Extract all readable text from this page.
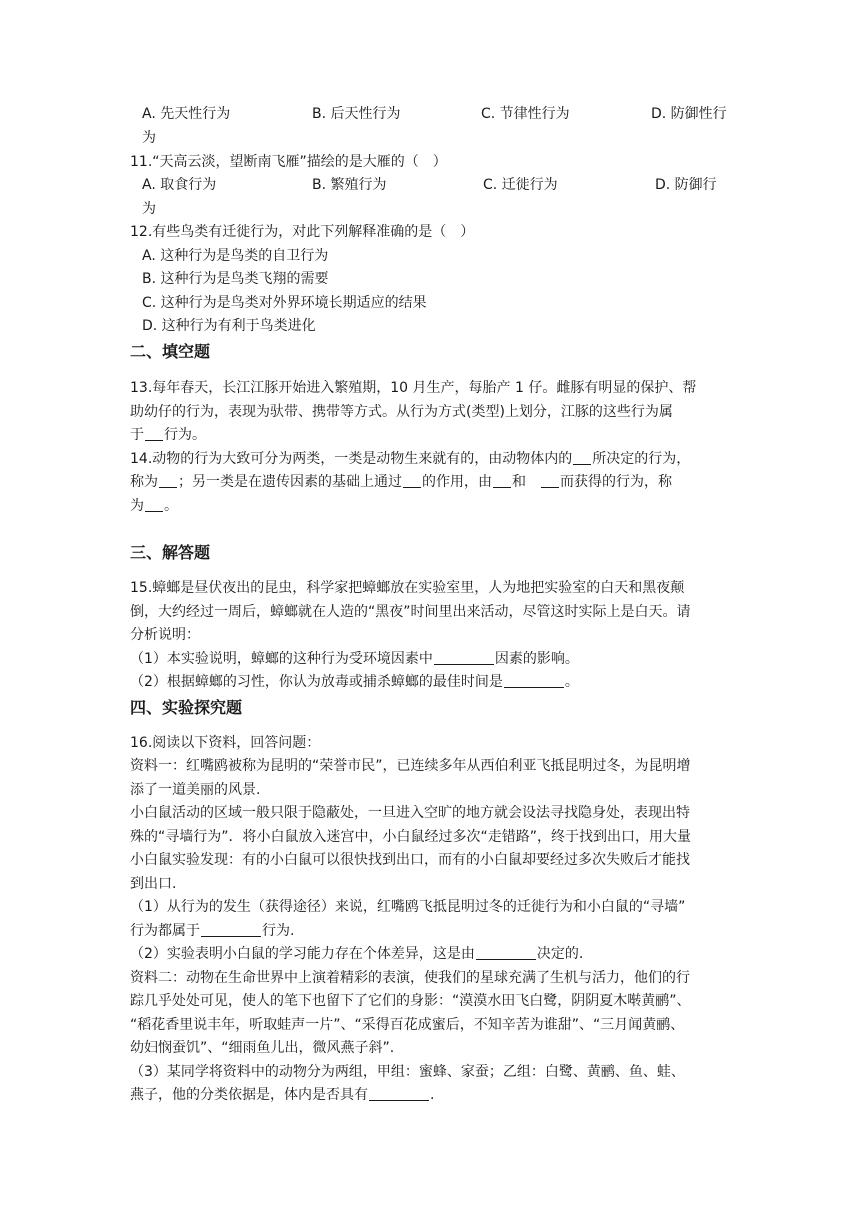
A. 先天性行为	B. 后天性行为	C. 节律性行为	D. 防御性行
为
11.“天高云淡，望断南飞雁”描绘的是大雁的（　）
A. 取食行为	B. 繁殖行为	C. 迁徙行为	D. 防御行
为
12.有些鸟类有迁徙行为，对此下列解释准确的是（　）
A. 这种行为是鸟类的自卫行为
B. 这种行为是鸟类飞翔的需要
C. 这种行为是鸟类对外界环境长期适应的结果
D. 这种行为有利于鸟类进化
二、填空题
13.每年春天，长江江豚开始进入繁殖期，10 月生产，每胎产 1 仔。雌豚有明显的保护、帮
助幼仔的行为，表现为驮带、携带等方式。从行为方式(类型)上划分，江豚的这些行为属
于 行为。
14.动物的行为大致可分为两类，一类是动物生来就有的，由动物体内的 所决定的行为，
称为 ；另一类是在遗传因素的基础上通过 的作用，由 和 而获得的行为，称
为 。
三、解答题
15.蟑螂是昼伏夜出的昆虫，科学家把蟑螂放在实验室里，人为地把实验室的白天和黑夜颠
倒，大约经过一周后，蟑螂就在人造的“黑夜”时间里出来活动，尽管这时实际上是白天。请
分析说明：
（1）本实验说明，蟑螂的这种行为受环境因素中	因素的影响。
（2）根据蟑螂的习性，你认为放毒或捕杀蟑螂的最佳时间是	。
四、实验探究题
16.阅读以下资料，回答问题：
资料一：红嘴鸥被称为昆明的“荣誉市民”，已连续多年从西伯利亚飞抵昆明过冬，为昆明增
添了一道美丽的风景.
小白鼠活动的区域一般只限于隐蔽处，一旦进入空旷的地方就会设法寻找隐身处，表现出特
殊的“寻墙行为”．将小白鼠放入迷宫中，小白鼠经过多次“走错路”，终于找到出口，用大量
小白鼠实验发现：有的小白鼠可以很快找到出口，而有的小白鼠却要经过多次失败后才能找
到出口.
（1）从行为的发生（获得途径）来说，红嘴鸥飞抵昆明过冬的迁徙行为和小白鼠的“寻墙”
行为都属于	行为.
（2）实验表明小白鼠的学习能力存在个体差异，这是由	决定的.
资料二：动物在生命世界中上演着精彩的表演，使我们的星球充满了生机与活力，他们的行
踪几乎处处可见，使人的笔下也留下了它们的身影：“漠漠水田飞白鹭，阴阴夏木啭黄鹂”、
“稻花香里说丰年，听取蛙声一片”、“采得百花成蜜后，不知辛苦为谁甜”、“三月闻黄鹂、
幼妇悯蚕饥”、“细雨鱼儿出，微风燕子斜”.
（3）某同学将资料中的动物分为两组，甲组：蜜蜂、家蚕；乙组：白鹭、黄鹂、鱼、蛙、
燕子，他的分类依据是，体内是否具有	.
